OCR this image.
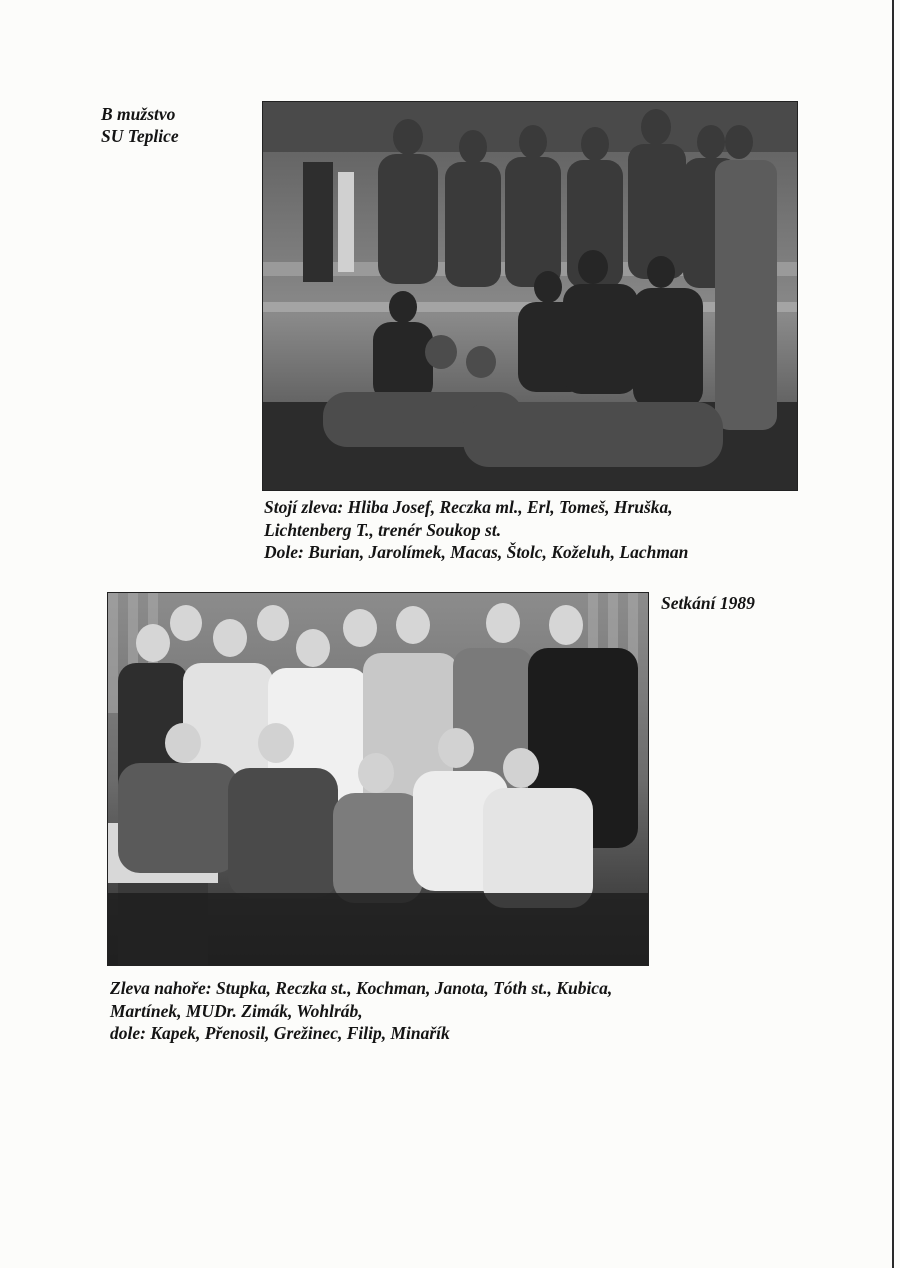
B mužstvo
SU Teplice
Stojí zleva: Hliba Josef, Reczka ml., Erl, Tomeš, Hruška,
Lichtenberg T., trenér Soukop st.
Dole: Burian, Jarolímek, Macas, Štolc, Koželuh, Lachman
Setkání 1989
Zleva nahoře: Stupka, Reczka st., Kochman, Janota, Tóth st., Kubica,
Martínek, MUDr. Zimák, Wohlráb,
dole: Kapek, Přenosil, Grežinec, Filip, Minařík
